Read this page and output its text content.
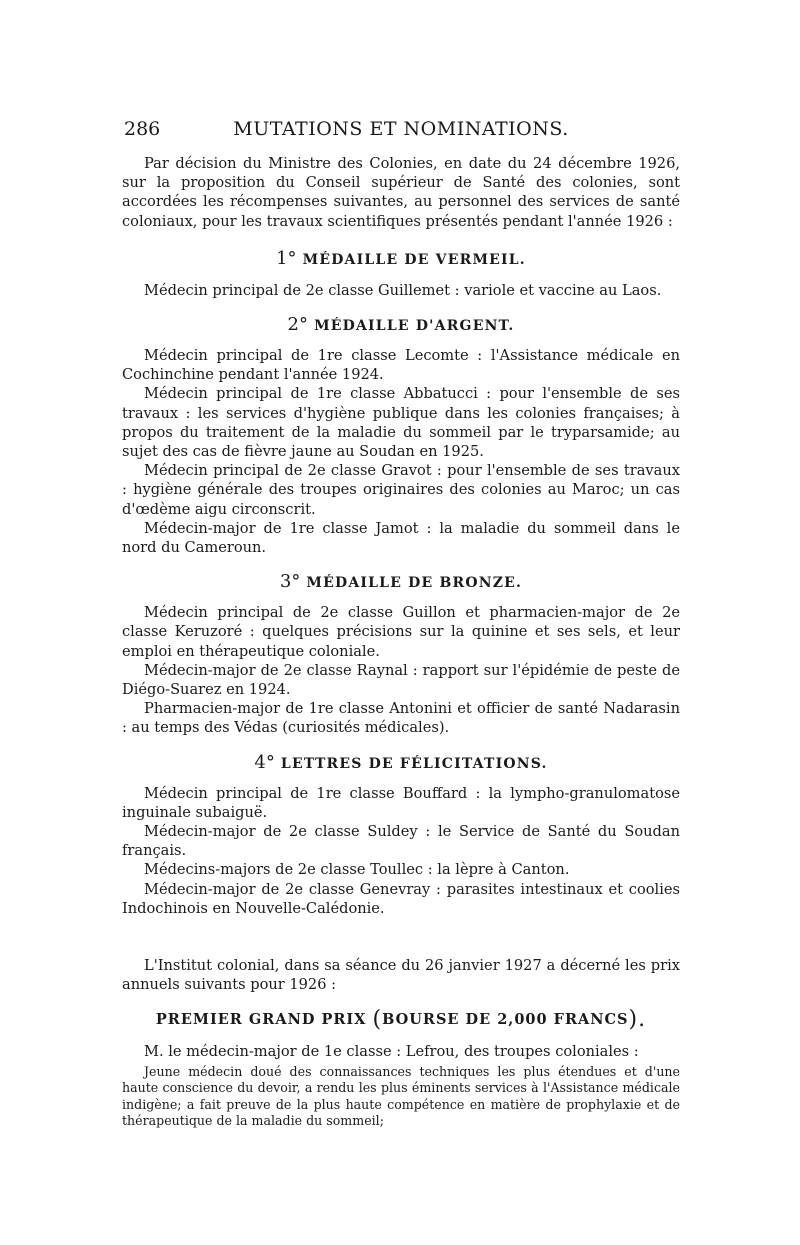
286	MUTATIONS ET NOMINATIONS.

Par décision du Ministre des Colonies, en date du 24 décembre 1926, sur la proposition du Conseil supérieur de Santé des colonies, sont accordées les récompenses suivantes, au personnel des services de santé coloniaux, pour les travaux scientifiques présentés pendant l'année 1926 :

1° MÉDAILLE DE VERMEIL.

Médecin principal de 2e classe Guillemet : variole et vaccine au Laos.

2° MÉDAILLE D'ARGENT.

Médecin principal de 1re classe Lecomte : l'Assistance médicale en Cochinchine pendant l'année 1924.

Médecin principal de 1re classe Abbatucci : pour l'ensemble de ses travaux : les services d'hygiène publique dans les colonies françaises; à propos du traitement de la maladie du sommeil par le tryparsamide; au sujet des cas de fièvre jaune au Soudan en 1925.

Médecin principal de 2e classe Gravot : pour l'ensemble de ses travaux : hygiène générale des troupes originaires des colonies au Maroc; un cas d'œdème aigu circonscrit.

Médecin-major de 1re classe Jamot : la maladie du sommeil dans le nord du Cameroun.

3° MÉDAILLE DE BRONZE.

Médecin principal de 2e classe Guillon et pharmacien-major de 2e classe Keruzoré : quelques précisions sur la quinine et ses sels, et leur emploi en thérapeutique coloniale.

Médecin-major de 2e classe Raynal : rapport sur l'épidémie de peste de Diégo-Suarez en 1924.

Pharmacien-major de 1re classe Antonini et officier de santé Nadarasin : au temps des Védas (curiosités médicales).

4° LETTRES DE FÉLICITATIONS.

Médecin principal de 1re classe Bouffard : la lympho-granulomatose inguinale subaiguë.

Médecin-major de 2e classe Suldey : le Service de Santé du Soudan français.

Médecins-majors de 2e classe Toullec : la lèpre à Canton.

Médecin-major de 2e classe Genevray : parasites intestinaux et coolies Indochinois en Nouvelle-Calédonie.

L'Institut colonial, dans sa séance du 26 janvier 1927 a décerné les prix annuels suivants pour 1926 :

PREMIER GRAND PRIX (BOURSE DE 2,000 FRANCS).

M. le médecin-major de 1e classe : Lefrou, des troupes coloniales :

Jeune médecin doué des connaissances techniques les plus étendues et d'une haute conscience du devoir, a rendu les plus éminents services à l'Assistance médicale indigène; a fait preuve de la plus haute compétence en matière de prophylaxie et de thérapeutique de la maladie du sommeil;
